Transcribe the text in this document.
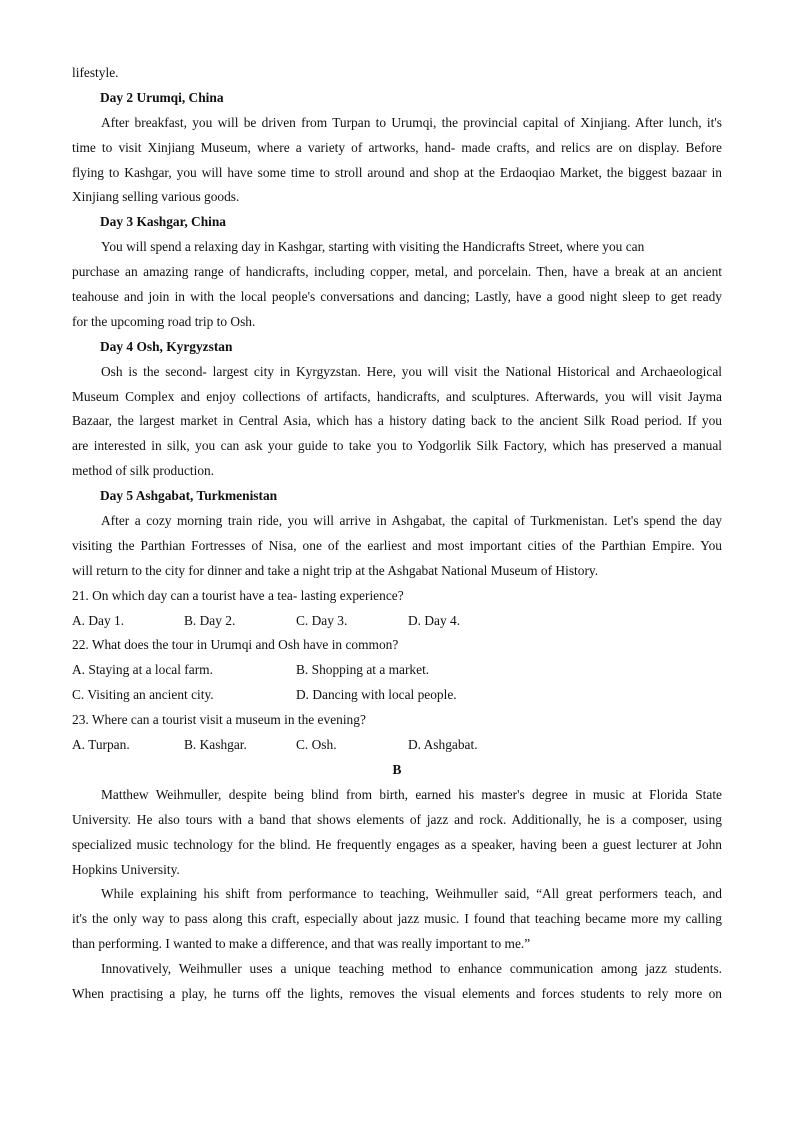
lifestyle.
Day 2 Urumqi, China
After breakfast, you will be driven from Turpan to Urumqi, the provincial capital of Xinjiang. After lunch, it's
time to visit Xinjiang Museum, where a variety of artworks, hand- made crafts, and relics are on display. Before
flying to Kashgar, you will have some time to stroll around and shop at the Erdaoqiao Market, the biggest bazaar in
Xinjiang selling various goods.
Day 3 Kashgar, China
You will spend a relaxing day in Kashgar, starting with visiting the Handicrafts Street, where you can
purchase an amazing range of handicrafts, including copper, metal, and porcelain. Then, have a break at an ancient
teahouse and join in with the local people's conversations and dancing; Lastly, have a good night sleep to get ready
for the upcoming road trip to Osh.
Day 4 Osh, Kyrgyzstan
Osh is the second- largest city in Kyrgyzstan. Here, you will visit the National Historical and Archaeological
Museum Complex and enjoy collections of artifacts, handicrafts, and sculptures. Afterwards, you will visit Jayma
Bazaar, the largest market in Central Asia, which has a history dating back to the ancient Silk Road period. If you
are interested in silk, you can ask your guide to take you to Yodgorlik Silk Factory, which has preserved a manual
method of silk production.
Day 5 Ashgabat, Turkmenistan
After a cozy morning train ride, you will arrive in Ashgabat, the capital of Turkmenistan. Let's spend the day
visiting the Parthian Fortresses of Nisa, one of the earliest and most important cities of the Parthian Empire. You
will return to the city for dinner and take a night trip at the Ashgabat National Museum of History.
21. On which day can a tourist have a tea- lasting experience?
A. Day 1.	B. Day 2.	C. Day 3.	D. Day 4.
22. What does the tour in Urumqi and Osh have in common?
A. Staying at a local farm.	B. Shopping at a market.
C. Visiting an ancient city.	D. Dancing with local people.
23. Where can a tourist visit a museum in the evening?
A. Turpan.	B. Kashgar.	C. Osh.	D. Ashgabat.
B
Matthew Weihmuller, despite being blind from birth, earned his master's degree in music at Florida State
University. He also tours with a band that shows elements of jazz and rock. Additionally, he is a composer, using
specialized music technology for the blind. He frequently engages as a speaker, having been a guest lecturer at John
Hopkins University.
While explaining his shift from performance to teaching, Weihmuller said, “All great performers teach, and
it's the only way to pass along this craft, especially about jazz music. I found that teaching became more my calling
than performing. I wanted to make a difference, and that was really important to me.”
Innovatively, Weihmuller uses a unique teaching method to enhance communication among jazz students.
When practising a play, he turns off the lights, removes the visual elements and forces students to rely more on
